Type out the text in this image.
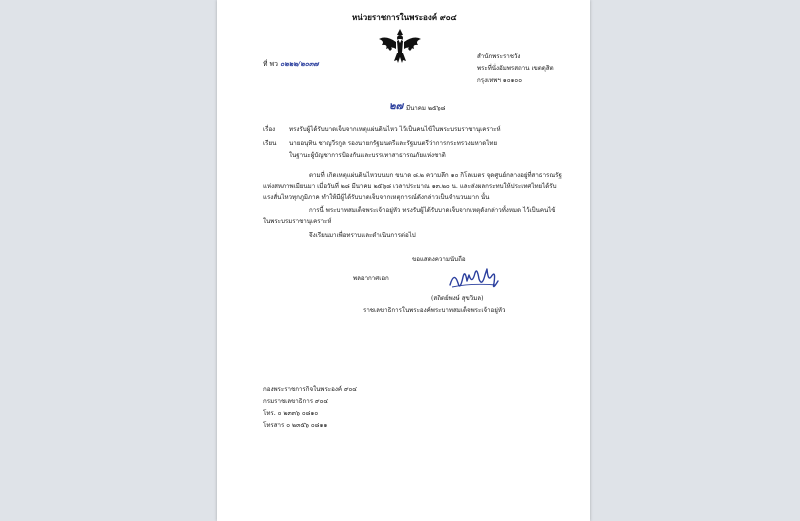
หน่วยราชการในพระองค์ ๙๐๔
ที่ พว ๐๒๒๒/๒๐๓๗
สำนักพระราชวัง
พระที่นั่งอัมพรสถาน เขตดุสิต
กรุงเทพฯ ๑๐๑๐๐
๒๗ มีนาคม ๒๕๖๘
เรื่อง ทรงรับผู้ได้รับบาดเจ็บจากเหตุแผ่นดินไหว ไว้เป็นคนไข้ในพระบรมราชานุเคราะห์
เรียน นายอนุทิน ชาญวีรกูล รองนายกรัฐมนตรีและรัฐมนตรีว่าการกระทรวงมหาดไทย
ในฐานะผู้บัญชาการป้องกันและบรรเทาสาธารณภัยแห่งชาติ
ตามที่ เกิดเหตุแผ่นดินไหวบนบก ขนาด ๘.๒ ความลึก ๑๐ กิโลเมตร จุดศูนย์กลางอยู่ที่สาธารณรัฐ
แห่งสหภาพเมียนมา เมื่อวันที่ ๒๘ มีนาคม ๒๕๖๘ เวลาประมาณ ๑๓.๒๐ น. และส่งผลกระทบให้ประเทศไทยได้รับ
แรงสั่นไหวทุกภูมิภาค ทำให้มีผู้ได้รับบาดเจ็บจากเหตุการณ์ดังกล่าวเป็นจำนวนมาก นั้น
การนี้ พระบาทสมเด็จพระเจ้าอยู่หัว ทรงรับผู้ได้รับบาดเจ็บจากเหตุดังกล่าวทั้งหมด ไว้เป็นคนไข้
ในพระบรมราชานุเคราะห์
จึงเรียนมาเพื่อทราบและดำเนินการต่อไป
ขอแสดงความนับถือ
พลอากาศเอก
(สถิตย์พงษ์ สุขวิมล)
ราชเลขาธิการในพระองค์พระบาทสมเด็จพระเจ้าอยู่หัว
กองพระราชการกิจในพระองค์ ๙๐๔
กรมราชเลขาธิการ ๙๐๔
โทร. ๐ ๒๓๓๖ ๐๘๑๐
โทรสาร ๐ ๒๓๕๖ ๐๘๑๑
